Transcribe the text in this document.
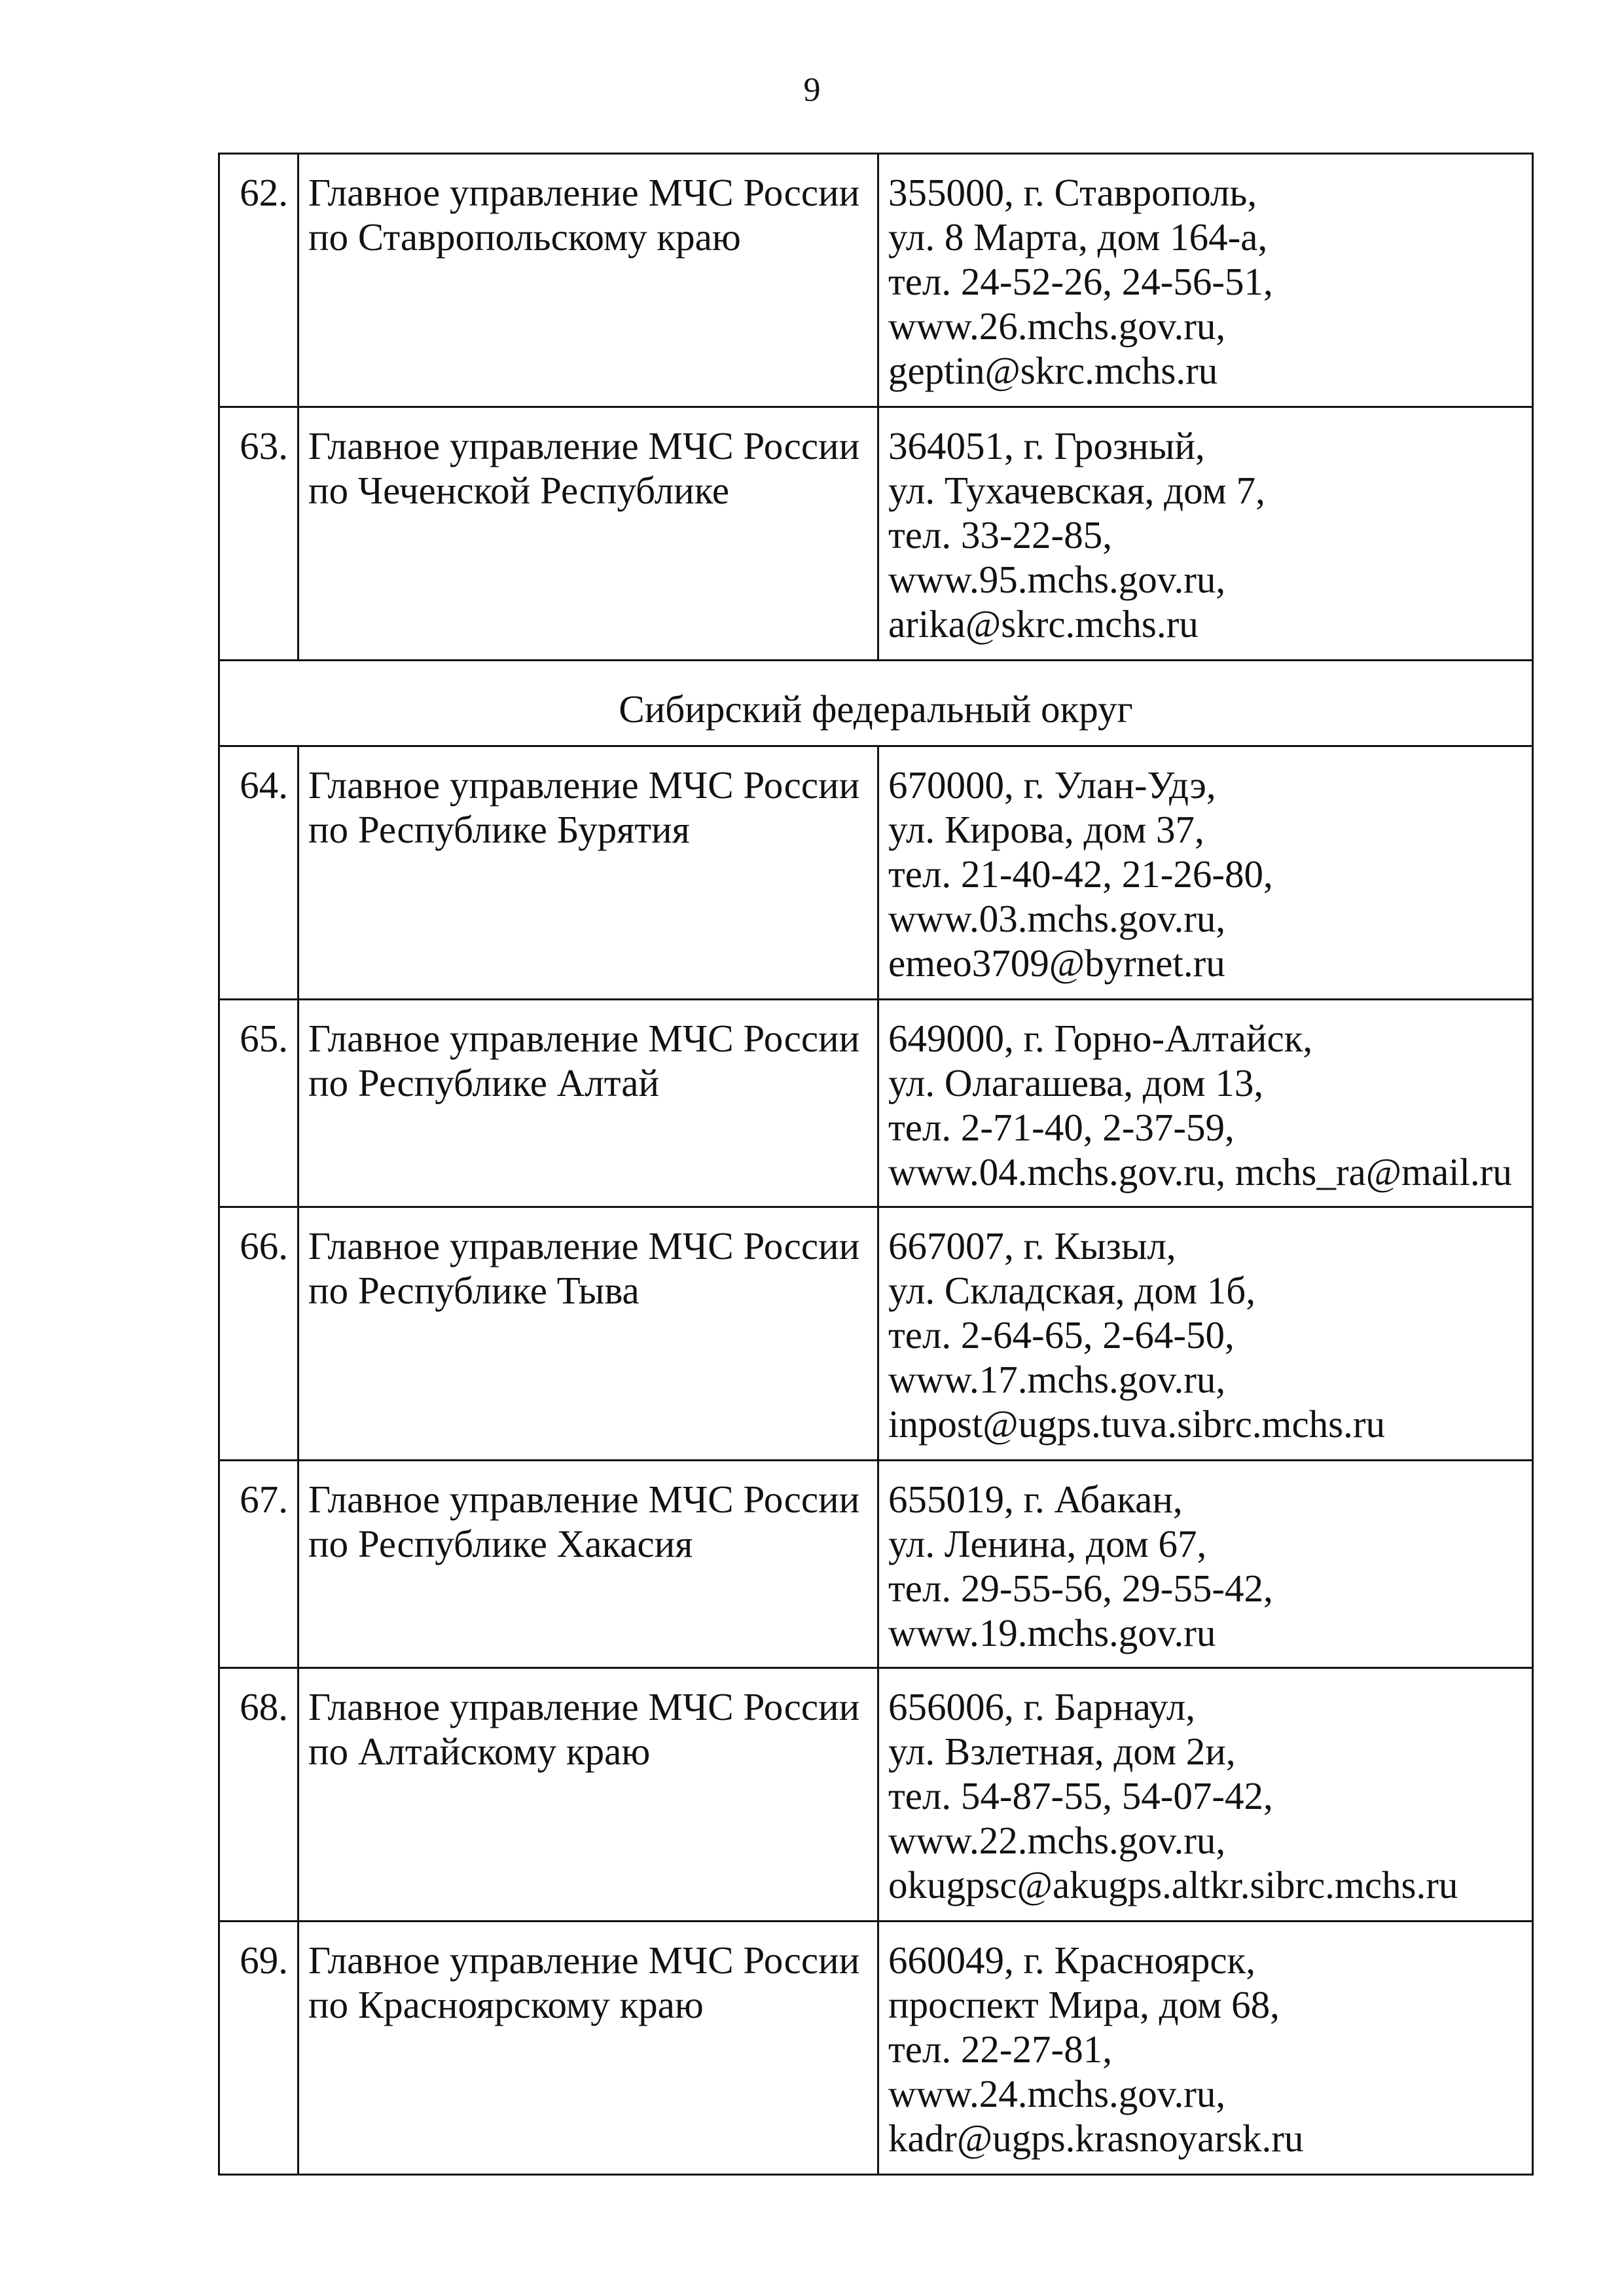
9
62.	Главное управление МЧС России
по Ставропольскому краю	355000, г. Ставрополь,
ул. 8 Марта, дом 164-а,
тел. 24-52-26, 24-56-51,
www.26.mchs.gov.ru,
geptin@skrc.mchs.ru

63.	Главное управление МЧС России
по Чеченской Республике	364051, г. Грозный,
ул. Тухачевская, дом 7,
тел. 33-22-85,
www.95.mchs.gov.ru,
arika@skrc.mchs.ru

Сибирский федеральный округ		
64.	Главное управление МЧС России
по Республике Бурятия	670000, г. Улан-Удэ,
ул. Кирова, дом 37,
тел. 21-40-42, 21-26-80,
www.03.mchs.gov.ru,
emeo3709@byrnet.ru

65.	Главное управление МЧС России
по Республике Алтай	649000, г. Горно-Алтайск,
ул. Олагашева, дом 13,
тел. 2-71-40, 2-37-59,
www.04.mchs.gov.ru, mchs_ra@mail.ru

66.	Главное управление МЧС России
по Республике Тыва	667007, г. Кызыл,
ул. Складская, дом 1б,
тел. 2-64-65, 2-64-50,
www.17.mchs.gov.ru,
inpost@ugps.tuva.sibrc.mchs.ru

67.	Главное управление МЧС России
по Республике Хакасия	655019, г. Абакан,
ул. Ленина, дом 67,
тел. 29-55-56, 29-55-42,
www.19.mchs.gov.ru

68.	Главное управление МЧС России
по Алтайскому краю	656006, г. Барнаул,
ул. Взлетная, дом 2и,
тел. 54-87-55, 54-07-42,
www.22.mchs.gov.ru,
okugpsc@akugps.altkr.sibrc.mchs.ru

69.	Главное управление МЧС России
по Красноярскому краю	660049, г. Красноярск,
проспект Мира, дом 68,
тел. 22-27-81,
www.24.mchs.gov.ru,
kadr@ugps.krasnoyarsk.ru
